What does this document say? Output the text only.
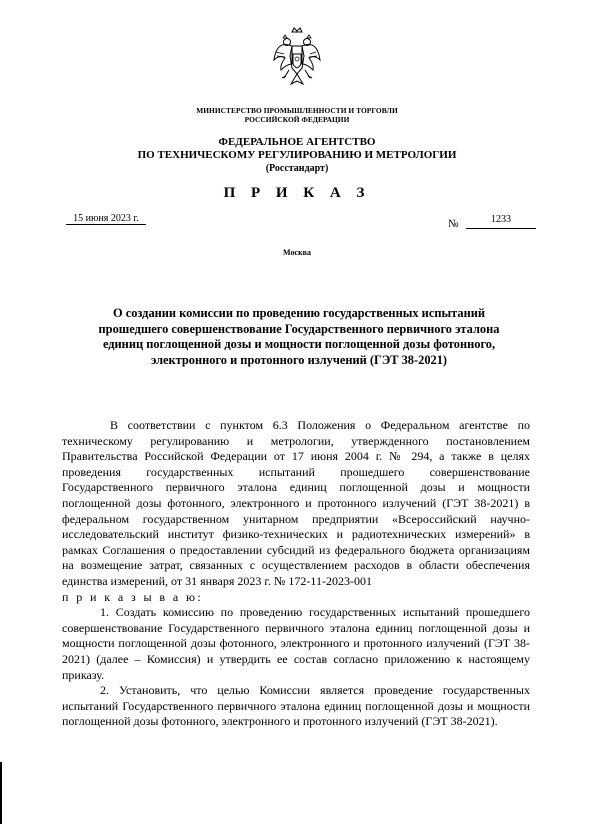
МИНИСТЕРСТВО ПРОМЫШЛЕННОСТИ И ТОРГОВЛИ
РОССИЙСКОЙ ФЕДЕРАЦИИ
ФЕДЕРАЛЬНОЕ АГЕНТСТВО
ПО ТЕХНИЧЕСКОМУ РЕГУЛИРОВАНИЮ И МЕТРОЛОГИИ
(Росстандарт)
П Р И К А З
15 июня 2023 г.	№	1233
Москва
О создании комиссии по проведению государственных испытаний прошедшего совершенствование Государственного первичного эталона единиц поглощенной дозы и мощности поглощенной дозы фотонного, электронного и протонного излучений (ГЭТ 38-2021)

В соответствии с пунктом 6.3 Положения о Федеральном агентстве по техническому регулированию и метрологии, утвержденного постановлением Правительства Российской Федерации от 17 июня 2004 г. № 294, а также в целях проведения государственных испытаний прошедшего совершенствование Государственного первичного эталона единиц поглощенной дозы и мощности поглощенной дозы фотонного, электронного и протонного излучений (ГЭТ 38-2021) в федеральном государственном унитарном предприятии «Всероссийский научно-исследовательский институт физико-технических и радиотехнических измерений» в рамках Соглашения о предоставлении субсидий из федерального бюджета организациям на возмещение затрат, связанных с осуществлением расходов в области обеспечения единства измерений, от 31 января 2023 г. № 172-11-2023-001

п р и к а з ы в а ю:

1. Создать комиссию по проведению государственных испытаний прошедшего совершенствование Государственного первичного эталона единиц поглощенной дозы и мощности поглощенной дозы фотонного, электронного и протонного излучений (ГЭТ 38-2021) (далее – Комиссия) и утвердить ее состав согласно приложению к настоящему приказу.

2. Установить, что целью Комиссии является проведение государственных испытаний Государственного первичного эталона единиц поглощенной дозы и мощности поглощенной дозы фотонного, электронного и протонного излучений (ГЭТ 38-2021).
